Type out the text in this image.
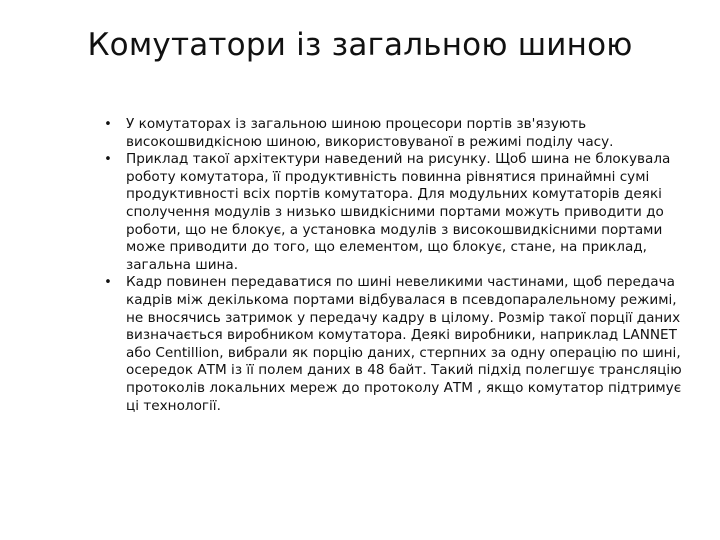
Комутатори із загальною шиною
• У комутаторах із загальною шиною процесори портів зв'язують високошвидкісною шиною, використовуваної в режимі поділу часу.
• Приклад такої архітектури наведений на рисунку. Щоб шина не блокувала роботу комутатора, її продуктивність повинна рівнятися принаймні сумі продуктивності всіх портів комутатора. Для модульних комутаторів деякі сполучення модулів з низько швидкісними портами можуть приводити до роботи, що не блокує, а установка модулів з високошвидкісними портами може приводити до того, що елементом, що блокує, стане, на приклад, загальна шина.
• Кадр повинен передаватися по шині невеликими частинами, щоб передача кадрів між декількома портами відбувалася в псевдопаралельному режимі, не вносячись затримок у передачу кадру в цілому. Розмір такої порції даних визначається виробником комутатора. Деякі виробники, наприклад LANNET або Centillion, вибрали як порцію даних, стерпних за одну операцію по шині, осередок АТМ із її полем даних в 48 байт. Такий підхід полегшує трансляцію протоколів локальних мереж до протоколу АТМ , якщо комутатор підтримує ці технології.
